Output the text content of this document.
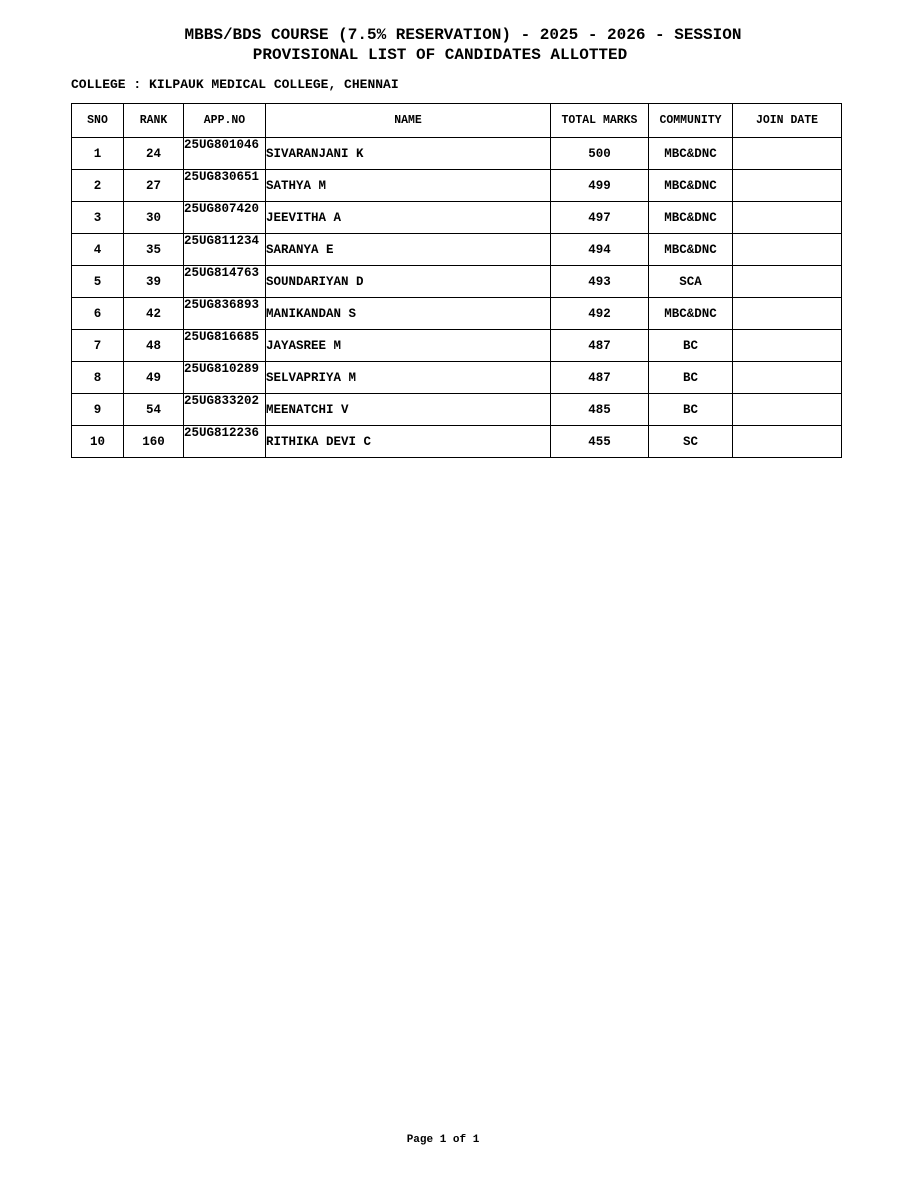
MBBS/BDS COURSE (7.5% RESERVATION) - 2025 - 2026 - SESSION
PROVISIONAL LIST OF CANDIDATES ALLOTTED
COLLEGE : KILPAUK MEDICAL COLLEGE, CHENNAI
SNO	RANK	APP.NO	NAME	TOTAL MARKS	COMMUNITY	JOIN DATE
1	24	25UG801046	SIVARANJANI K	500	MBC&DNC	
2	27	25UG830651	SATHYA M	499	MBC&DNC	
3	30	25UG807420	JEEVITHA A	497	MBC&DNC	
4	35	25UG811234	SARANYA E	494	MBC&DNC	
5	39	25UG814763	SOUNDARIYAN D	493	SCA	
6	42	25UG836893	MANIKANDAN S	492	MBC&DNC	
7	48	25UG816685	JAYASREE M	487	BC	
8	49	25UG810289	SELVAPRIYA M	487	BC	
9	54	25UG833202	MEENATCHI V	485	BC	
10	160	25UG812236	RITHIKA DEVI C	455	SC	
Page 1 of 1
